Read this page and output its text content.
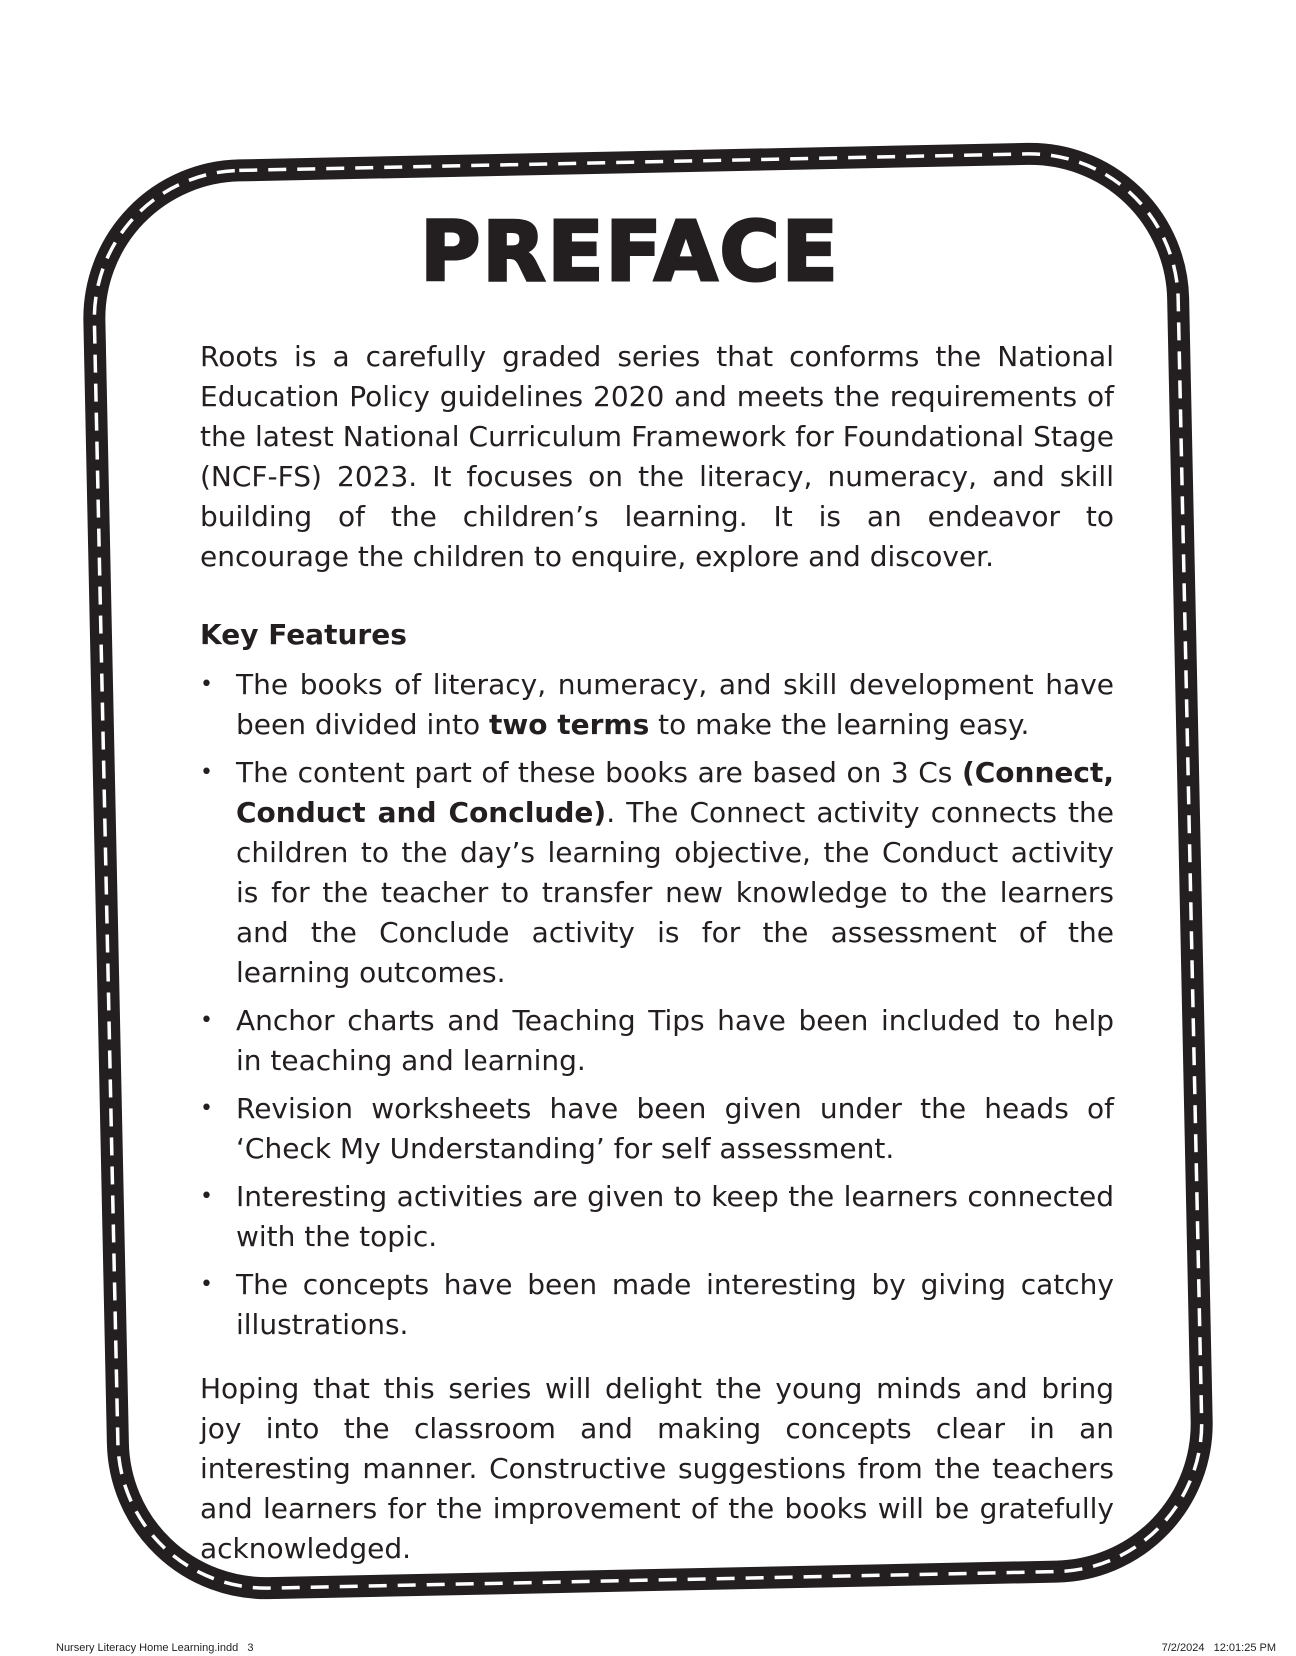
PREFACE

Roots is a carefully graded series that conforms the National Education Policy guidelines 2020 and meets the requirements of the latest National Curriculum Framework for Foundational Stage (NCF-FS) 2023. It focuses on the literacy, numeracy, and skill building of the children’s learning. It is an endeavor to encourage the children to enquire, explore and discover.

Key Features
• The books of literacy, numeracy, and skill development have been divided into two terms to make the learning easy.
• The content part of these books are based on 3 Cs (Connect, Conduct and Conclude). The Connect activity connects the children to the day’s learning objective, the Conduct activity is for the teacher to transfer new knowledge to the learners and the Conclude activity is for the assessment of the learning outcomes.
• Anchor charts and Teaching Tips have been included to help in teaching and learning.
• Revision worksheets have been given under the heads of ‘Check My Understanding’ for self assessment.
• Interesting activities are given to keep the learners connected with the topic.
• The concepts have been made interesting by giving catchy illustrations.

Hoping that this series will delight the young minds and bring joy into the classroom and making concepts clear in an interesting manner. Constructive suggestions from the teachers and learners for the improvement of the books will be gratefully acknowledged.

Nursery Literacy Home Learning.indd   3	7/2/2024   12:01:25 PM
